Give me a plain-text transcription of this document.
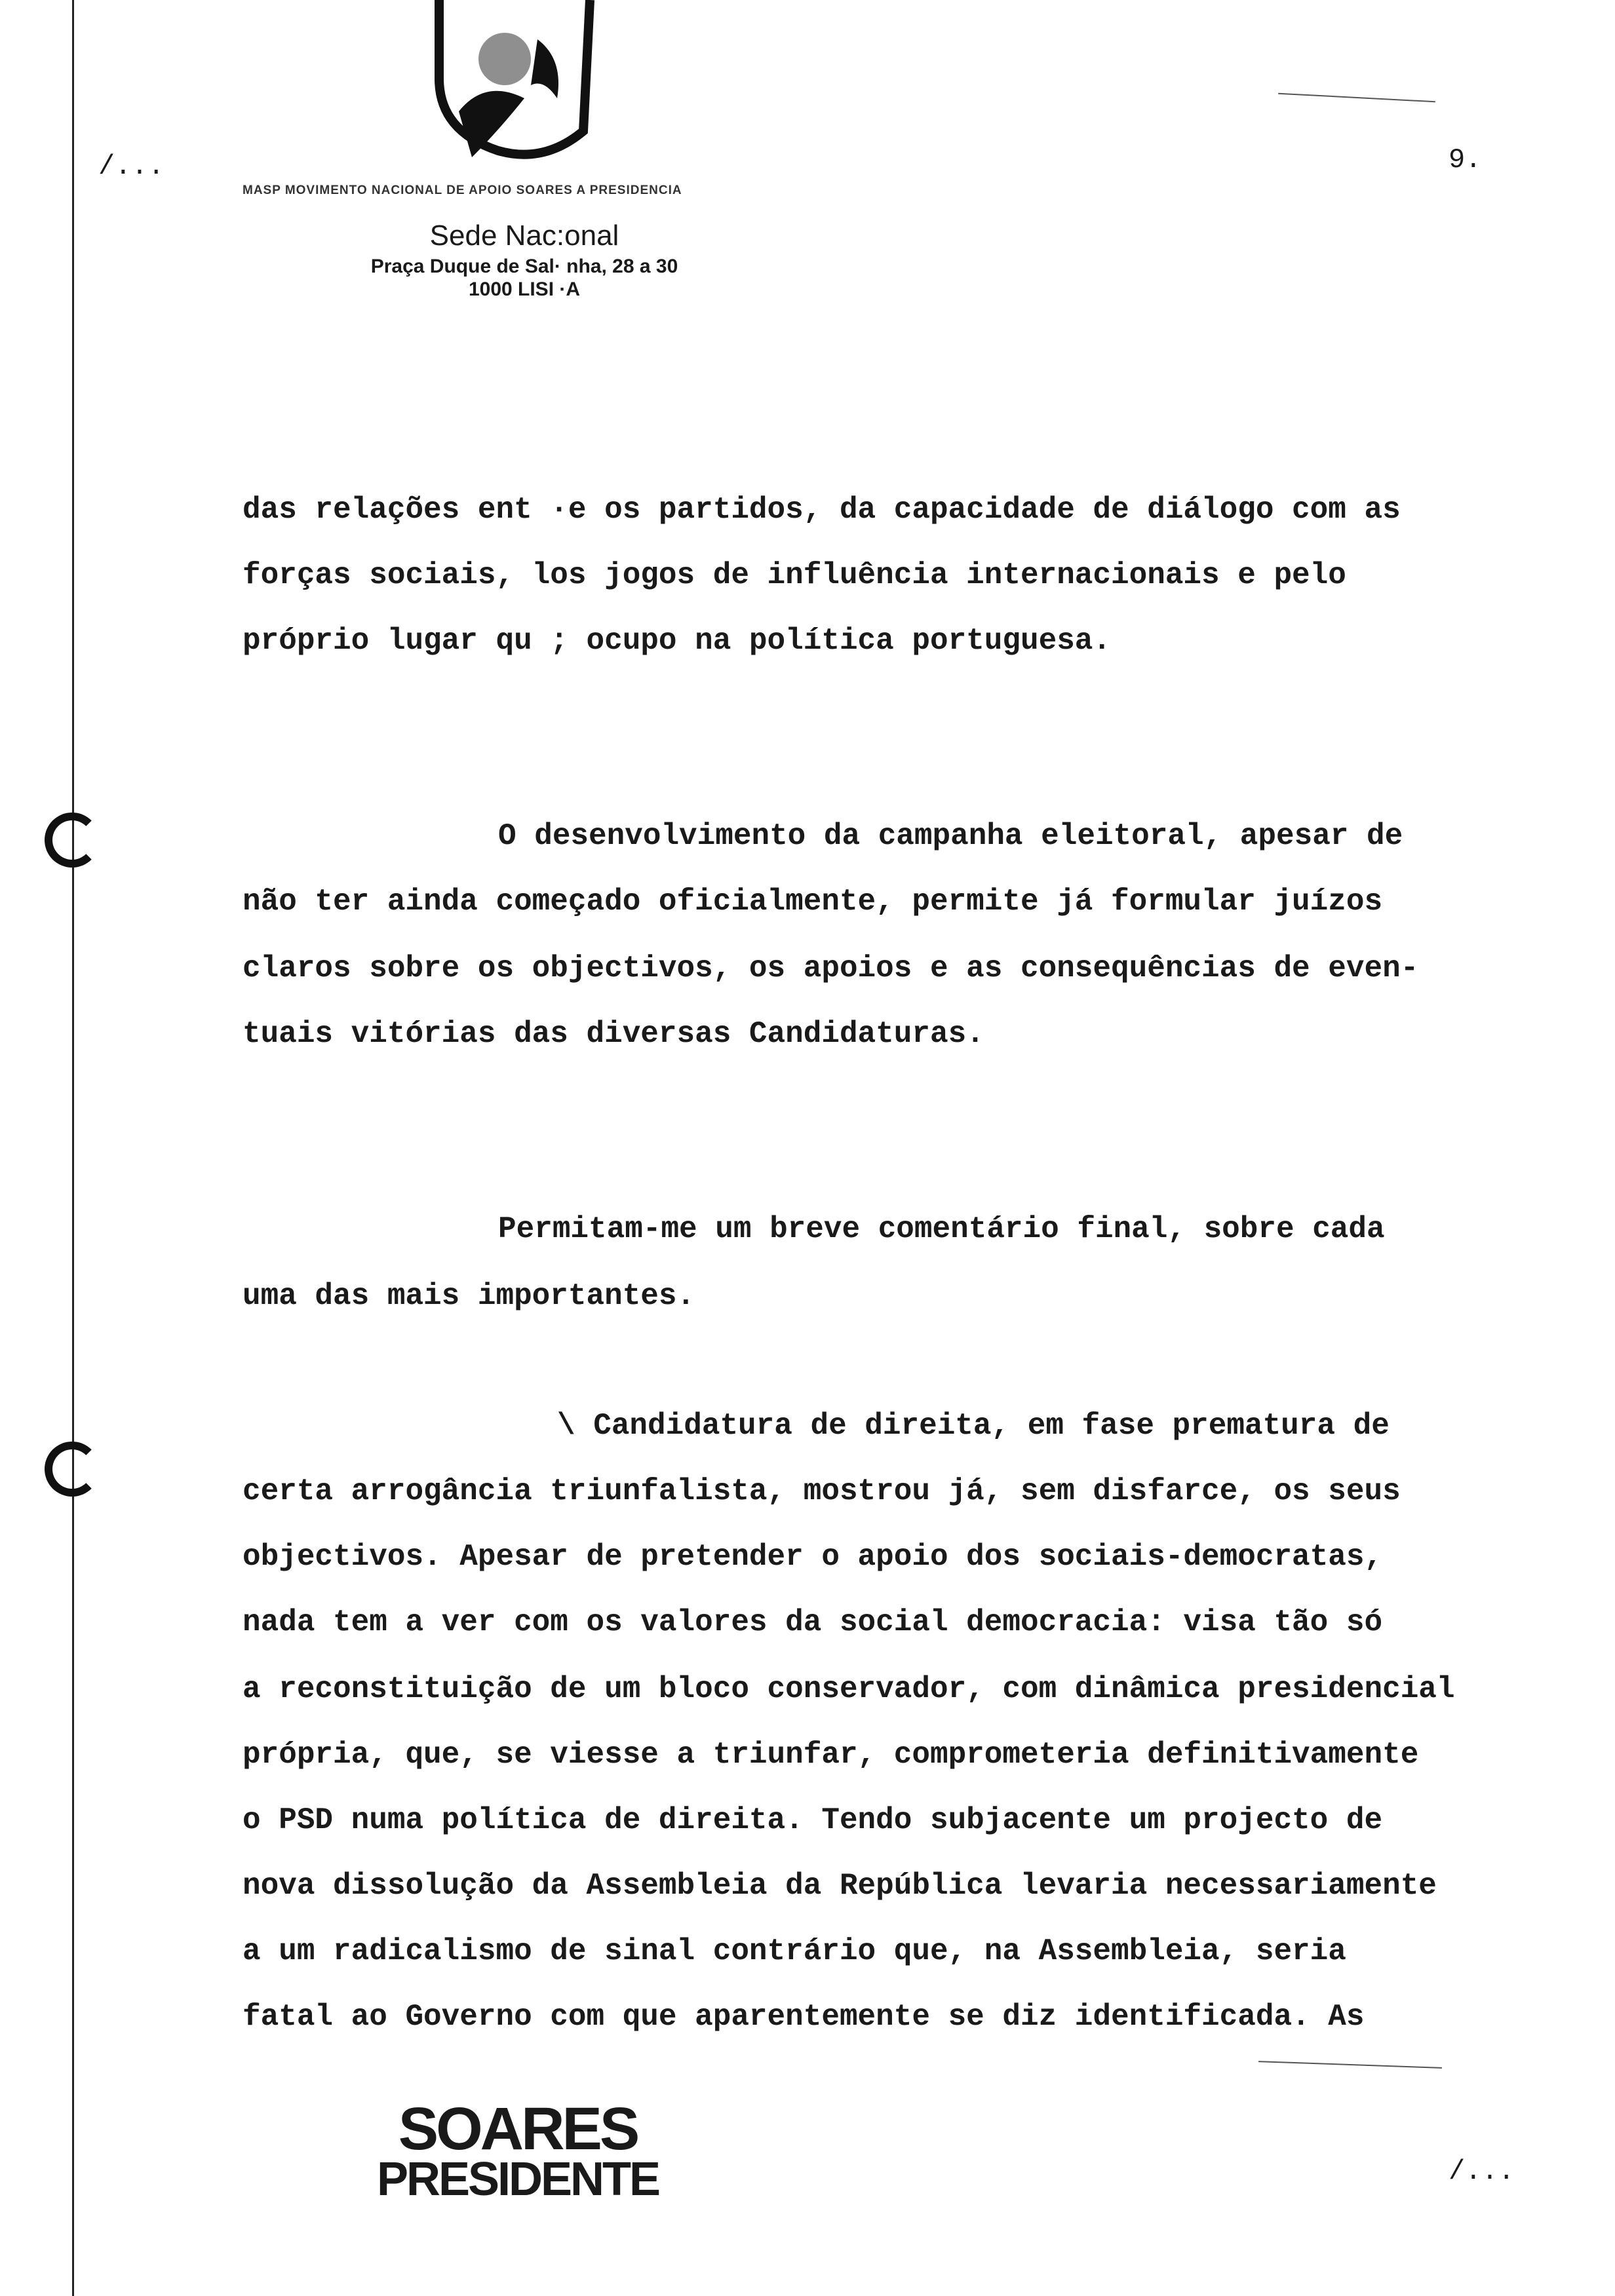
/...	9.
MASP MOVIMENTO NACIONAL DE APOIO SOARES A PRESIDENCIA
Sede Nac:onal
Praça Duque de Sal· nha, 28 a 30
1000 LISI ·A
das relações ent ·e os partidos, da capacidade de diálogo com as
forças sociais, los jogos de influência internacionais e pelo
próprio lugar qu ; ocupo na política portuguesa.
O desenvolvimento da campanha eleitoral, apesar de
não ter ainda começado oficialmente, permite já formular juízos
claros sobre os objectivos, os apoios e as consequências de even-
tuais vitórias das diversas Candidaturas.
Permitam-me um breve comentário final, sobre cada
uma das mais importantes.
\ Candidatura de direita, em fase prematura de
certa arrogância triunfalista, mostrou já, sem disfarce, os seus
objectivos. Apesar de pretender o apoio dos sociais-democratas,
nada tem a ver com os valores da social democracia: visa tão só
a reconstituição de um bloco conservador, com dinâmica presidencial
própria, que, se viesse a triunfar, comprometeria definitivamente
o PSD numa política de direita. Tendo subjacente um projecto de
nova dissolução da Assembleia da República levaria necessariamente
a um radicalismo de sinal contrário que, na Assembleia, seria
fatal ao Governo com que aparentemente se diz identificada. As
SOARES
PRESIDENTE	/...
